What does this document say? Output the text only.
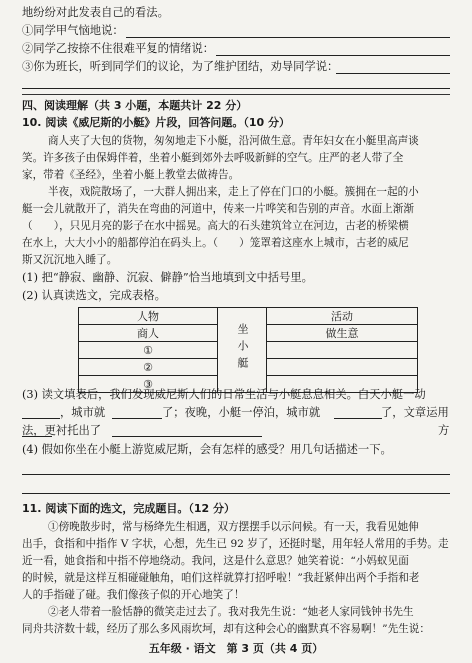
地纷纷对此发表自己的看法。
①同学甲气恼地说：
②同学乙按捺不住很难平复的情绪说：
③你为班长，听到同学们的议论，为了维护团结，劝导同学说：
四、阅读理解（共 3 小题，本题共计 22 分）
10. 阅读《威尼斯的小艇》片段，回答问题。（10 分）
商人夹了大包的货物，匆匆地走下小艇，沿河做生意。青年妇女在小艇里高声谈
笑。许多孩子由保姆伴着，坐着小艇到郊外去呼吸新鲜的空气。庄严的老人带了全
家，带着《圣经》，坐着小艇上教堂去做祷告。
半夜，戏院散场了，一大群人拥出来，走上了停在门口的小艇。簇拥在一起的小
艇一会儿就散开了，消失在弯曲的河道中，传来一片哗笑和告别的声音。水面上渐渐
（　　），只见月亮的影子在水中摇晃。高大的石头建筑耸立在河边，古老的桥梁横
在水上，大大小小的船都停泊在码头上。（　　）笼罩着这座水上城市，古老的威尼
斯又沉沉地入睡了。
(1) 把“静寂、幽静、沉寂、僻静”恰当地填到文中括号里。
(2) 认真读选文，完成表格。
人物	坐小艇	活动
商人		做生意
①		
②		
③		
(3) 读文填表后，我们发现威尼斯人们的日常生活与小艇息息相关。白天小艇一动
，城市就	了；夜晚，小艇一停泊，城市就	了，文章运用
方
法，更衬托出了
(4) 假如你坐在小艇上游览威尼斯，会有怎样的感受？用几句话描述一下。
11. 阅读下面的选文，完成题目。（12 分）
①傍晚散步时，常与杨绛先生相遇，双方摆摆手以示问候。有一天，我看见她伸
出手，食指和中指作 V 字状，心想，先生已 92 岁了，还挺时髦，用年轻人常用的手势。走
近一看，她食指和中指不停地绕动。我问，这是什么意思？她笑着说：“小妈蚁见面
的时候，就是这样互相碰碰触角，咱们这样就算打招呼啦！”我赶紧伸出两个手指和老
人的手指碰了碰。我们像孩子似的开心地笑了！
②老人带着一脸恬静的微笑走过去了。我对我先生说：“她老人家同钱钟书先生
同舟共济数十载，经历了那么多风雨坎坷，却有这种会心的幽默真不容易啊！”先生说：
五年级 · 语文　第 3 页（共 4 页）
